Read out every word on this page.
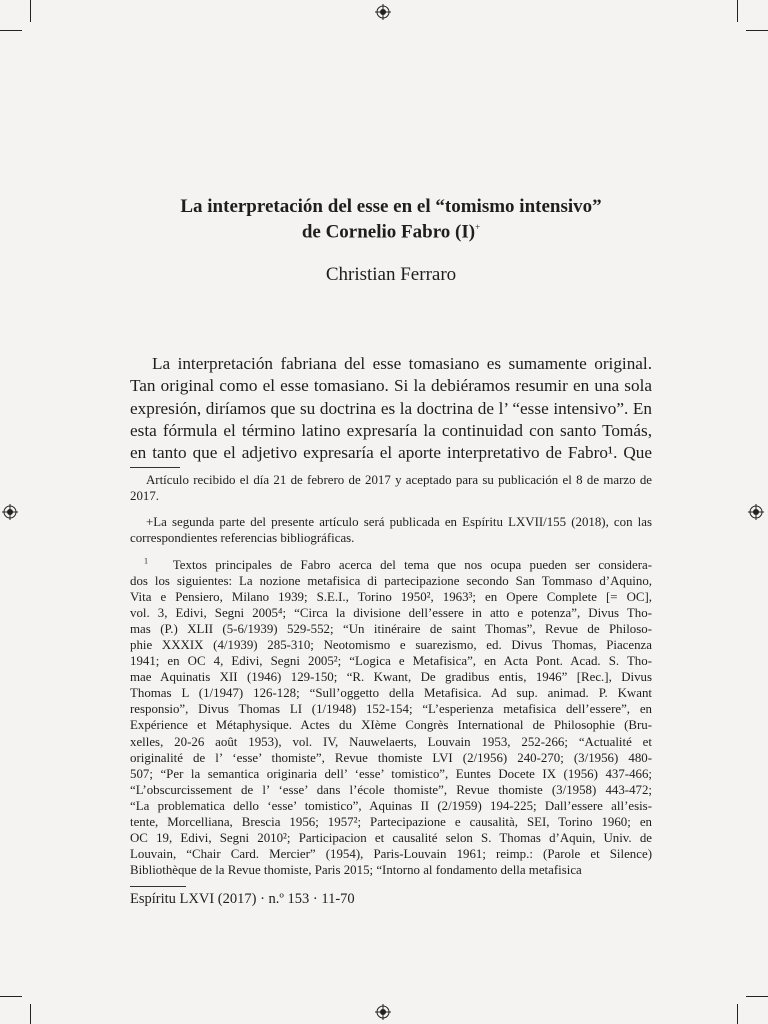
La interpretación del esse en el “tomismo intensivo”
de Cornelio Fabro (I)+
Christian Ferraro
La interpretación fabriana del esse tomasiano es sumamente original.
Tan original como el esse tomasiano. Si la debiéramos resumir en una sola
expresión, diríamos que su doctrina es la doctrina de l’ “esse intensivo”. En
esta fórmula el término latino expresaría la continuidad con santo Tomás,
en tanto que el adjetivo expresaría el aporte interpretativo de Fabro¹. Que
Artículo recibido el día 21 de febrero de 2017 y aceptado para su publicación el 8 de marzo de 2017.
+La segunda parte del presente artículo será publicada en Espíritu LXVII/155 (2018), con las correspondientes referencias bibliográficas.
$^1$ Textos principales de Fabro acerca del tema que nos ocupa pueden ser considera-
dos los siguientes: La nozione metafisica di partecipazione secondo San Tommaso d’Aquino,
Vita e Pensiero, Milano 1939; S.E.I., Torino 1950², 1963³; en Opere Complete [= OC],
vol. 3, Edivi, Segni 2005⁴; “Circa la divisione dell’essere in atto e potenza”, Divus Tho-
mas (P.) XLII (5-6/1939) 529-552; “Un itinéraire de saint Thomas”, Revue de Philoso-
phie XXXIX (4/1939) 285-310; Neotomismo e suarezismo, ed. Divus Thomas, Piacenza
1941; en OC 4, Edivi, Segni 2005²; “Logica e Metafisica”, en Acta Pont. Acad. S. Tho-
mae Aquinatis XII (1946) 129-150; “R. Kwant, De gradibus entis, 1946” [Rec.], Divus
Thomas L (1/1947) 126-128; “Sull’oggetto della Metafisica. Ad sup. animad. P. Kwant
responsio”, Divus Thomas LI (1/1948) 152-154; “L’esperienza metafisica dell’essere”, en
Expérience et Métaphysique. Actes du XIème Congrès International de Philosophie (Bru-
xelles, 20-26 août 1953), vol. IV, Nauwelaerts, Louvain 1953, 252-266; “Actualité et
originalité de l’ ‘esse’ thomiste”, Revue thomiste LVI (2/1956) 240-270; (3/1956) 480-
507; “Per la semantica originaria dell’ ‘esse’ tomistico”, Euntes Docete IX (1956) 437-466;
“L’obscurcissement de l’ ‘esse’ dans l’école thomiste”, Revue thomiste (3/1958) 443-472;
“La problematica dello ‘esse’ tomistico”, Aquinas II (2/1959) 194-225; Dall’essere all’esis-
tente, Morcelliana, Brescia 1956; 1957²; Partecipazione e causalità, SEI, Torino 1960; en
OC 19, Edivi, Segni 2010²; Participacion et causalité selon S. Thomas d’Aquin, Univ. de
Louvain, “Chair Card. Mercier” (1954), Paris-Louvain 1961; reimp.: (Parole et Silence)
Bibliothèque de la Revue thomiste, Paris 2015; “Intorno al fondamento della metafisica
Espíritu LXVI (2017) · n.º 153 · 11-70
